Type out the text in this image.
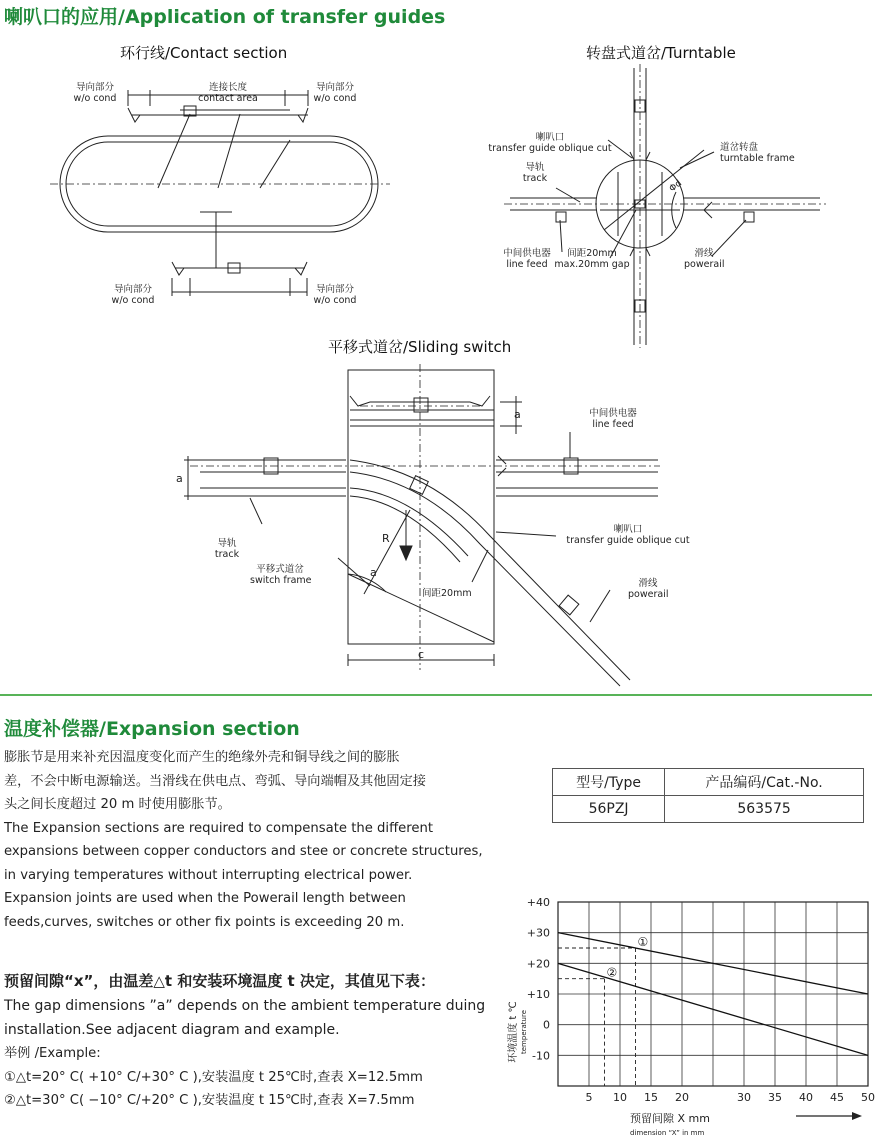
喇叭口的应用/Application of transfer guides
环行线/Contact section
导向部分
w/o cond
连接长度
contact area
导向部分
w/o cond
导向部分
w/o cond
导向部分
w/o cond
转盘式道岔/Turntable
Φd
喇叭口
transfer guide oblique cut	道岔转盘
turntable frame
导轨
track
中间供电器
line feed
间距20mm
max.20mm gap
滑线
powerail
平移式道岔/Sliding switch
R
a
c
a
a	中间供电器
line feed
导轨
track
平移式道岔
switch frame
喇叭口
transfer guide oblique cut
间距20mm
滑线
powerail
温度补偿器/Expansion section
膨胀节是用来补充因温度变化而产生的绝缘外壳和铜导线之间的膨胀
差，不会中断电源输送。当滑线在供电点、弯弧、导向端帽及其他固定接
头之间长度超过 20 m 时使用膨胀节。
The Expansion sections are required to compensate the different
expansions between copper conductors and stee or concrete structures,
in varying temperatures without interrupting electrical power.
Expansion joints are used when the Powerail length between
feeds,curves, switches or other fix points is exceeding 20 m.
预留间隙“x”，由温差△t 和安装环境温度 t 决定，其值见下表：
The gap dimensions ”a” depends on the ambient temperature duing
installation.See adjacent diagram and example.
举例 /Example:
①△t=20° C( +10° C/+30° C ),安装温度 t 25℃时,查表 X=12.5mm
②△t=30° C( −10° C/+20° C ),安装温度 t 15℃时,查表 X=7.5mm
型号/Type	产品编码/Cat.-No.
56PZJ	563575
①
②
5 10 15 20	30 35 40 45 50
+40
+30
+20
+10
0
-10
环境温度 t ℃ temperature
预留间隙 X mm
dimension “X” in mm
